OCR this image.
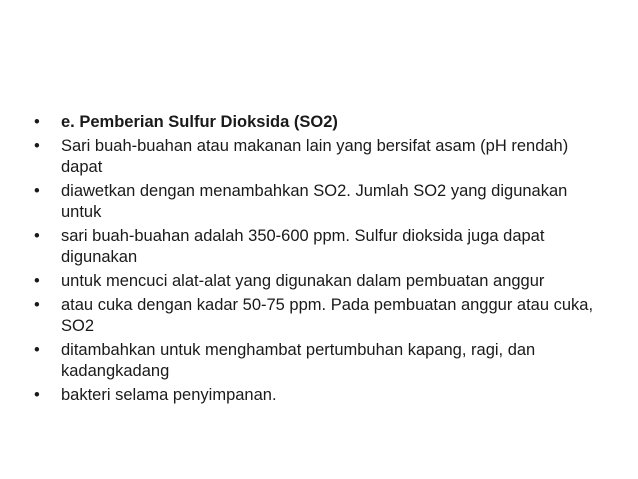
•	e. Pemberian Sulfur Dioksida (SO2)
•	Sari buah-buahan atau makanan lain yang bersifat asam (pH rendah) dapat
•	diawetkan dengan menambahkan SO2. Jumlah SO2 yang digunakan untuk
•	sari buah-buahan adalah 350-600 ppm. Sulfur dioksida juga dapat digunakan
•	untuk mencuci alat-alat yang digunakan dalam pembuatan anggur
•	atau cuka dengan kadar 50-75 ppm. Pada pembuatan anggur atau cuka, SO2
•	ditambahkan untuk menghambat pertumbuhan kapang, ragi, dan kadangkadang
•	bakteri selama penyimpanan.
